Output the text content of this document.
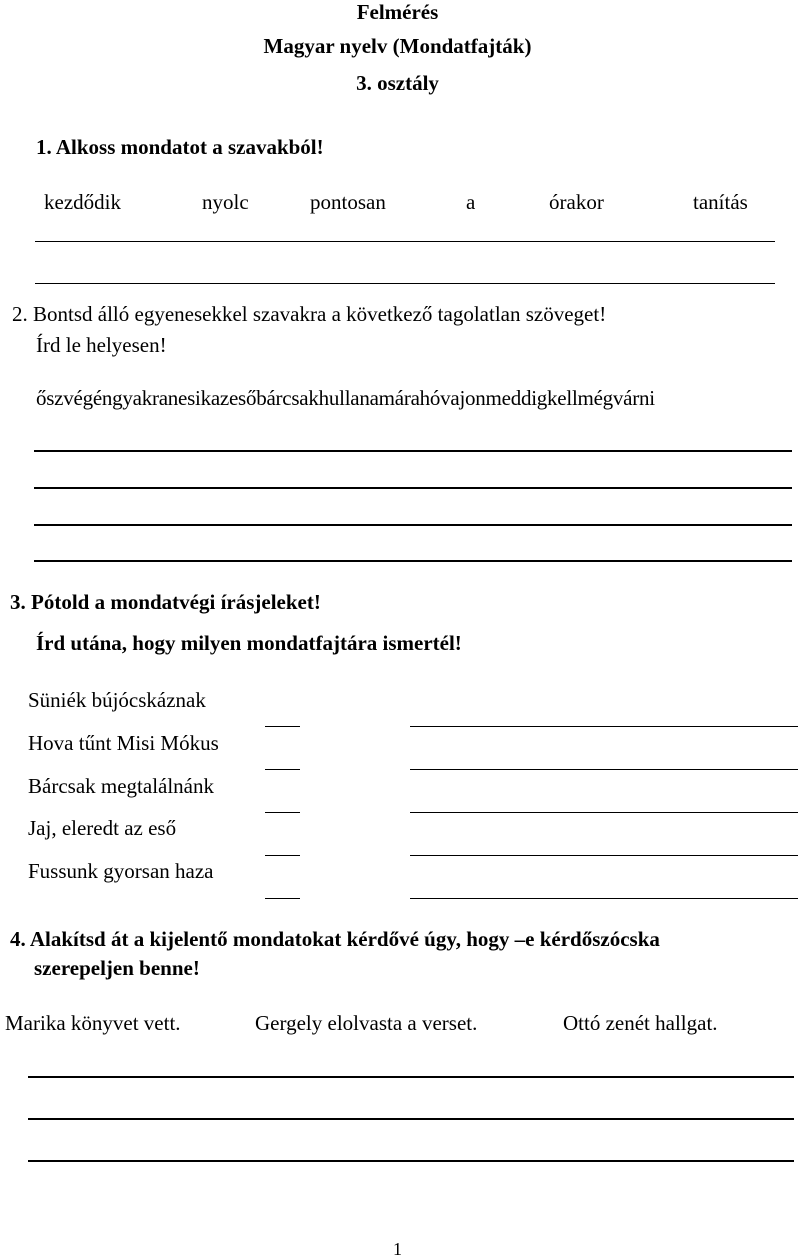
Felmérés
Magyar nyelv (Mondatfajták)
3. osztály
1. Alkoss mondatot a szavakból!
kezdődik	nyolc	pontosan	a	órakor	tanítás
2. Bontsd álló egyenesekkel szavakra a következő tagolatlan szöveget!
Írd le helyesen!
őszvégéngyakranesikazesőbárcsakhullanamárahóvajonmeddigkellmégvárni
3. Pótold a mondatvégi írásjeleket!
Írd utána, hogy milyen mondatfajtára ismertél!
Süniék bújócskáznak
Hova tűnt Misi Mókus
Bárcsak megtalálnánk
Jaj, eleredt az eső
Fussunk gyorsan haza
4. Alakítsd át a kijelentő mondatokat kérdővé úgy, hogy –e kérdőszócska
szerepeljen benne!
Marika könyvet vett.	Gergely elolvasta a verset.	Ottó zenét hallgat.
1
